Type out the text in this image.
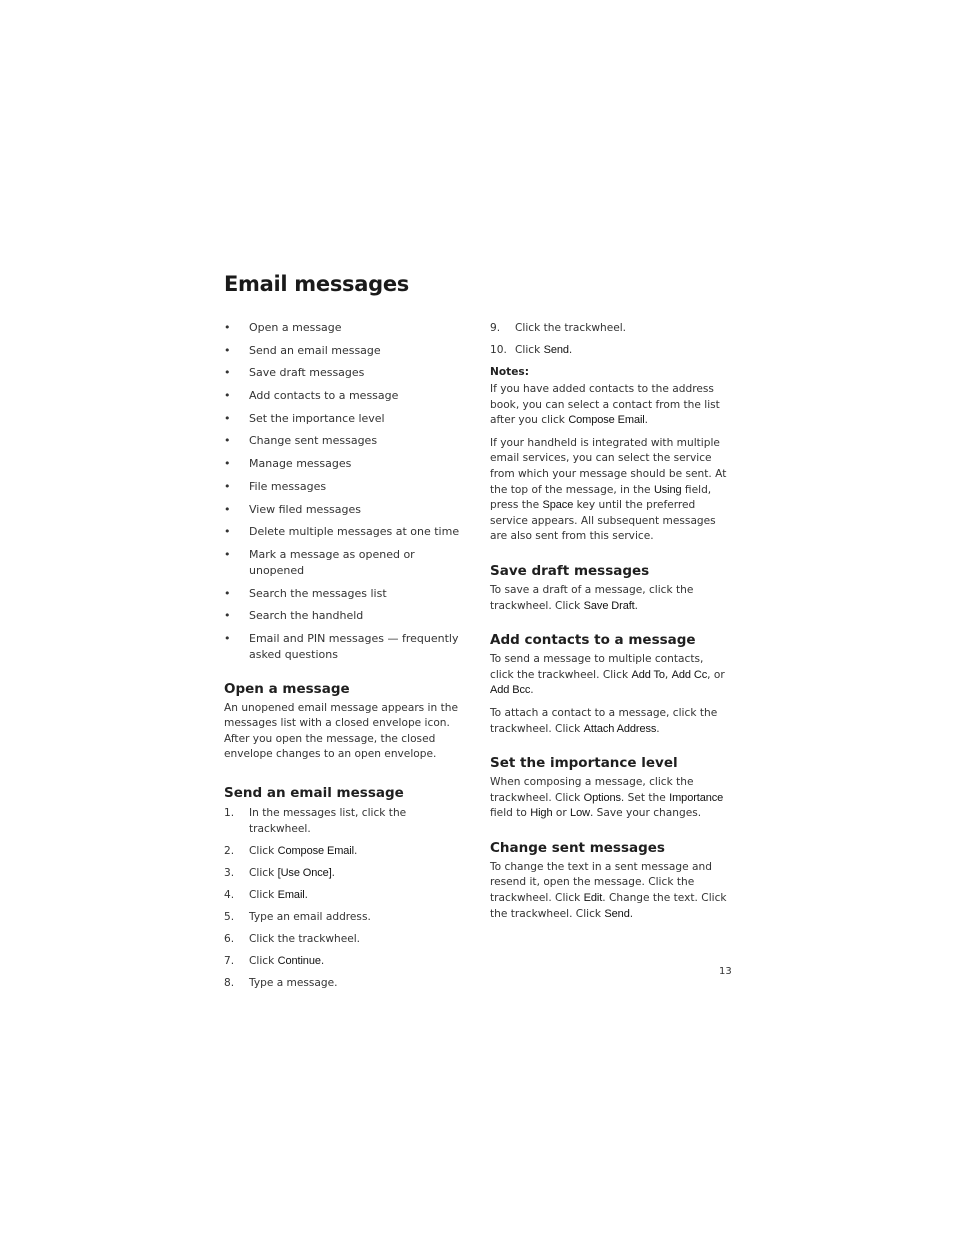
Email messages
• Open a message
• Send an email message
• Save draft messages
• Add contacts to a message
• Set the importance level
• Change sent messages
• Manage messages
• File messages
• View filed messages
• Delete multiple messages at one time
• Mark a message as opened or unopened
• Search the messages list
• Search the handheld
• Email and PIN messages — frequently asked questions
Open a message

An unopened email message appears in the messages list with a closed envelope icon. After you open the message, the closed envelope changes to an open envelope.

Send an email message
1. In the messages list, click the trackwheel.
2. Click Compose Email.
3. Click [Use Once].
4. Click Email.
5. Type an email address.
6. Click the trackwheel.
7. Click Continue.
8. Type a message.
9. Click the trackwheel.
10. Click Send.

Notes:

If you have added contacts to the address book, you can select a contact from the list after you click Compose Email.

If your handheld is integrated with multiple email services, you can select the service from which your message should be sent. At the top of the message, in the Using field, press the Space key until the preferred service appears. All subsequent messages are also sent from this service.

Save draft messages

To save a draft of a message, click the trackwheel. Click Save Draft.

Add contacts to a message

To send a message to multiple contacts, click the trackwheel. Click Add To, Add Cc, or Add Bcc.

To attach a contact to a message, click the trackwheel. Click Attach Address.

Set the importance level

When composing a message, click the trackwheel. Click Options. Set the Importance field to High or Low. Save your changes.

Change sent messages

To change the text in a sent message and resend it, open the message. Click the trackwheel. Click Edit. Change the text. Click the trackwheel. Click Send.

13
